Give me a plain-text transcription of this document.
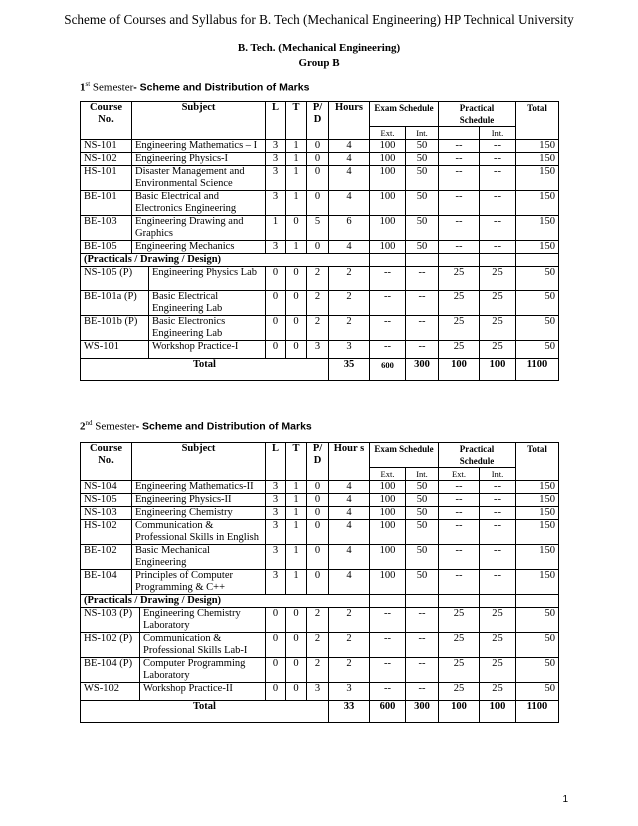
Scheme of Courses and Syllabus for B. Tech (Mechanical Engineering) HP Technical University
B. Tech. (Mechanical Engineering)
Group B
1st Semester- Scheme and Distribution of Marks
Course No.	Subject		L	T	P/ D	Hours	Exam Schedule		Practical Schedule		Total
							Ext.	Int.		Int.	
NS-101	Engineering Mathematics – I		3	1	0	4	100	50	--	--	150
NS-102	Engineering Physics-I		3	1	0	4	100	50	--	--	150
HS-101	Disaster Management and Environmental Science		3	1	0	4	100	50	--	--	150
BE-101	Basic Electrical and Electronics Engineering		3	1	0	4	100	50	--	--	150
BE-103	Engineering Drawing and Graphics		1	0	5	6	100	50	--	--	150
BE-105	Engineering Mechanics		3	1	0	4	100	50	--	--	150
(Practicals / Drawing / Design)											
NS-105 (P)		Engineering Physics Lab	0	0	2	2	--	--	25	25	50
BE-101a (P)		Basic Electrical Engineering Lab	0	0	2	2	--	--	25	25	50
BE-101b (P)		Basic Electronics Engineering Lab	0	0	2	2	--	--	25	25	50
WS-101		Workshop Practice-I	0	0	3	3	--	--	25	25	50
Total						35	600	300	100	100	1100
2nd Semester- Scheme and Distribution of Marks
Course No.	Subject		L	T	P/ D	Hour s	Exam Schedule		Practical Schedule		Total
							Ext.	Int.	Ext.	Int.	
NS-104	Engineering Mathematics-II		3	1	0	4	100	50	--	--	150
NS-105	Engineering Physics-II		3	1	0	4	100	50	--	--	150
NS-103	Engineering Chemistry		3	1	0	4	100	50	--	--	150
HS-102	Communication & Professional Skills in English		3	1	0	4	100	50	--	--	150
BE-102	Basic Mechanical Engineering		3	1	0	4	100	50	--	--	150
BE-104	Principles of Computer Programming & C++		3	1	0	4	100	50	--	--	150
(Practicals / Drawing / Design)											
NS-103 (P)		Engineering Chemistry Laboratory	0	0	2	2	--	--	25	25	50
HS-102 (P)		Communication & Professional Skills Lab-I	0	0	2	2	--	--	25	25	50
BE-104 (P)		Computer Programming Laboratory	0	0	2	2	--	--	25	25	50
WS-102		Workshop Practice-II	0	0	3	3	--	--	25	25	50
Total						33	600	300	100	100	1100
1
